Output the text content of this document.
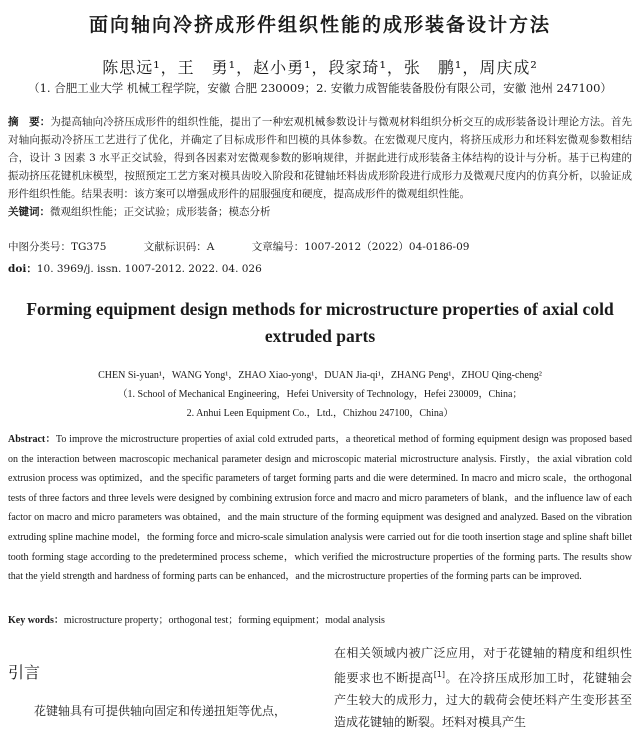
面向轴向冷挤成形件组织性能的成形装备设计方法
陈思远¹，王　勇¹，赵小勇¹，段家琦¹，张　鹏¹，周庆成²
（1. 合肥工业大学 机械工程学院，安徽 合肥 230009；2. 安徽力成智能装备股份有限公司，安徽 池州 247100）
摘　要：为提高轴向冷挤压成形件的组织性能，提出了一种宏观机械参数设计与微观材料组织分析交互的成形装备设计理论方法。首先对轴向振动冷挤压工艺进行了优化，并确定了目标成形件和凹模的具体参数。在宏微观尺度内，将挤压成形力和坯料宏微观参数相结合，设计 3 因素 3 水平正交试验，得到各因素对宏微观参数的影响规律，并据此进行成形装备主体结构的设计与分析。基于已构建的振动挤压花键机床模型，按照预定工艺方案对模具齿咬入阶段和花键轴坯料齿成形阶段进行成形力及微观尺度内的仿真分析，以验证成形件组织性能。结果表明：该方案可以增强成形件的屈服强度和硬度，提高成形件的微观组织性能。
关键词：微观组织性能；正交试验；成形装备；模态分析
中图分类号：TG375	文献标识码：A	文章编号：1007-2012（2022）04-0186-09
doi：10. 3969/j. issn. 1007-2012. 2022. 04. 026
Forming equipment design methods for microstructure properties of axial cold extruded parts
CHEN Si-yuan¹，WANG Yong¹，ZHAO Xiao-yong¹，DUAN Jia-qi¹，ZHANG Peng¹，ZHOU Qing-cheng²
（1. School of Mechanical Engineering，Hefei University of Technology，Hefei 230009，China；
2. Anhui Leen Equipment Co.，Ltd.，Chizhou 247100，China）
Abstract：To improve the microstructure properties of axial cold extruded parts，a theoretical method of forming equipment design was proposed based on the interaction between macroscopic mechanical parameter design and microscopic material microstructure analysis. Firstly，the axial vibration cold extrusion process was optimized，and the specific parameters of target forming parts and die were determined. In macro and micro scale，the orthogonal tests of three factors and three levels were designed by combining extrusion force and macro and micro parameters of blank，and the influence law of each factor on macro and micro parameters was obtained，and the main structure of the forming equipment was designed and analyzed. Based on the vibration extruding spline machine model，the forming force and micro-scale simulation analysis were carried out for die tooth insertion stage and spline shaft billet tooth forming stage according to the predetermined process scheme，which verified the microstructure properties of the forming parts. The results show that the yield strength and hardness of forming parts can be enhanced，and the microstructure properties of the forming parts can be improved.
Key words：microstructure property；orthogonal test；forming equipment；modal analysis
引言
花键轴具有可提供轴向固定和传递扭矩等优点，
在相关领域内被广泛应用，对于花键轴的精度和组织性能要求也不断提高[1]。在冷挤压成形加工时，花键轴会产生较大的成形力，过大的载荷会使坯料产生变形甚至造成花键轴的断裂。坯料对模具产生
